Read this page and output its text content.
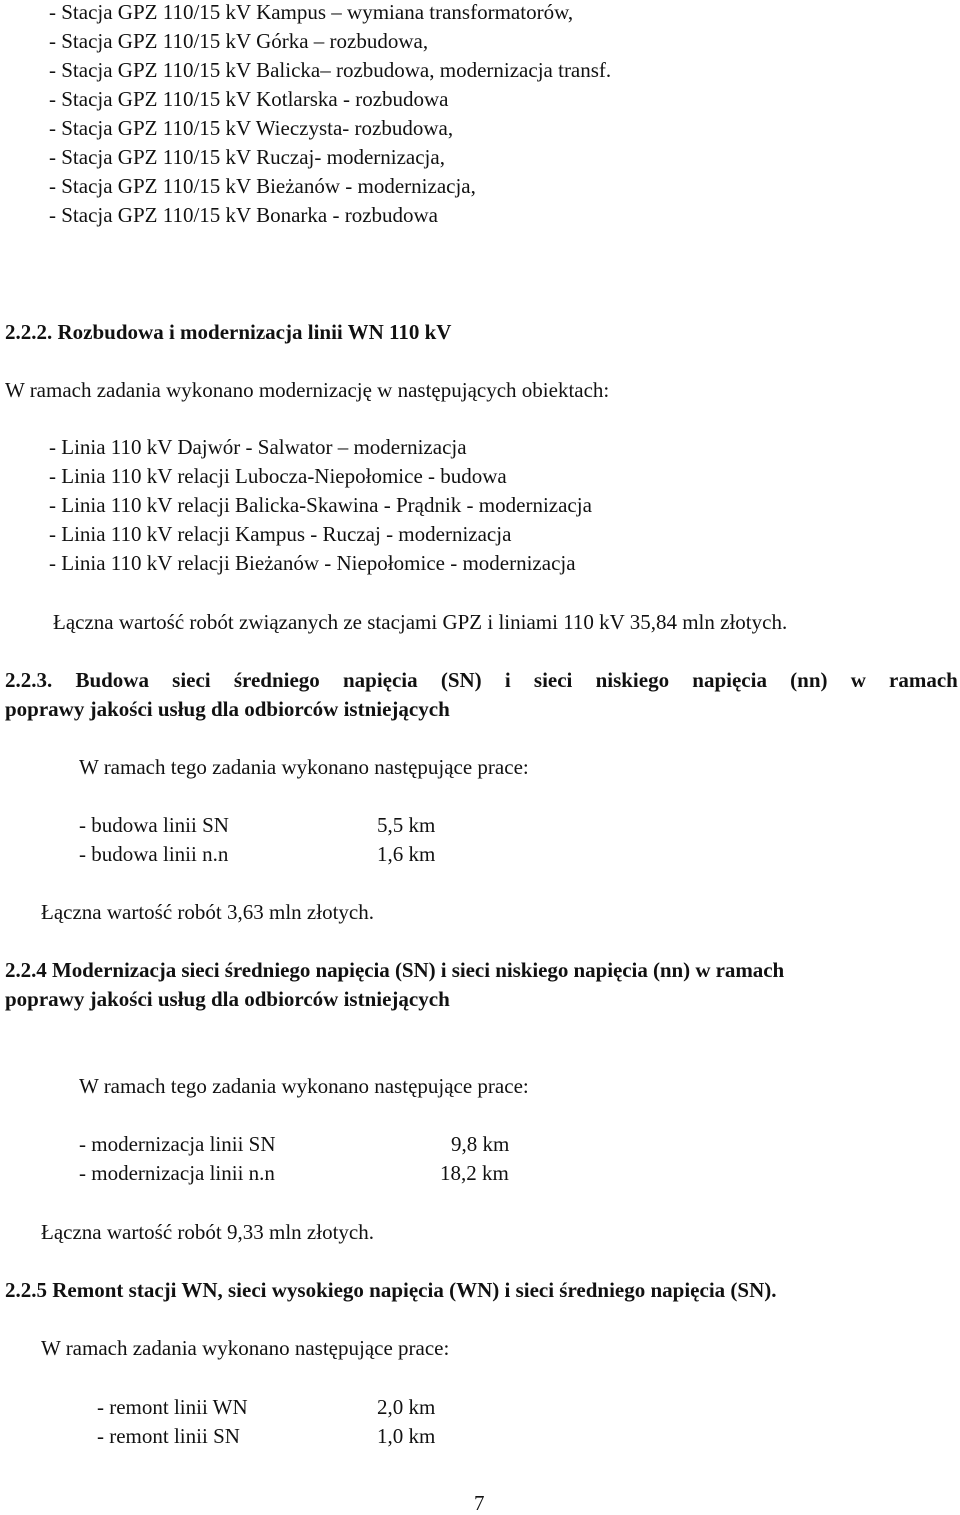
- Stacja GPZ 110/15 kV Kampus – wymiana transformatorów,
- Stacja GPZ 110/15 kV Górka – rozbudowa,
- Stacja GPZ 110/15 kV Balicka– rozbudowa, modernizacja transf.
- Stacja GPZ 110/15 kV Kotlarska - rozbudowa
- Stacja GPZ 110/15 kV Wieczysta- rozbudowa,
- Stacja GPZ 110/15 kV Ruczaj- modernizacja,
- Stacja GPZ 110/15 kV Bieżanów - modernizacja,
- Stacja GPZ 110/15 kV Bonarka - rozbudowa
2.2.2. Rozbudowa i modernizacja linii WN 110 kV
W ramach zadania wykonano modernizację w następujących obiektach:
- Linia 110 kV Dajwór - Salwator – modernizacja
- Linia 110 kV relacji Lubocza-Niepołomice - budowa
- Linia 110 kV relacji Balicka-Skawina - Prądnik - modernizacja
- Linia 110 kV relacji Kampus - Ruczaj - modernizacja
- Linia 110 kV relacji Bieżanów - Niepołomice - modernizacja
Łączna wartość robót związanych ze stacjami GPZ i liniami 110 kV 35,84 mln złotych.
2.2.3. Budowa sieci średniego napięcia (SN) i sieci niskiego napięcia (nn) w ramach
poprawy jakości usług dla odbiorców istniejących
W ramach tego zadania wykonano następujące prace:
- budowa linii SN	5,5 km
- budowa linii n.n	1,6 km
Łączna wartość robót 3,63 mln złotych.
2.2.4 Modernizacja sieci średniego napięcia (SN) i sieci niskiego napięcia (nn) w ramach
poprawy jakości usług dla odbiorców istniejących
W ramach tego zadania wykonano następujące prace:
- modernizacja linii SN	9,8 km
- modernizacja linii n.n	18,2 km
Łączna wartość robót 9,33 mln złotych.
2.2.5 Remont stacji WN, sieci wysokiego napięcia (WN) i sieci średniego napięcia (SN).
W ramach zadania wykonano następujące prace:
- remont linii WN	2,0 km
- remont linii SN	1,0 km
7
